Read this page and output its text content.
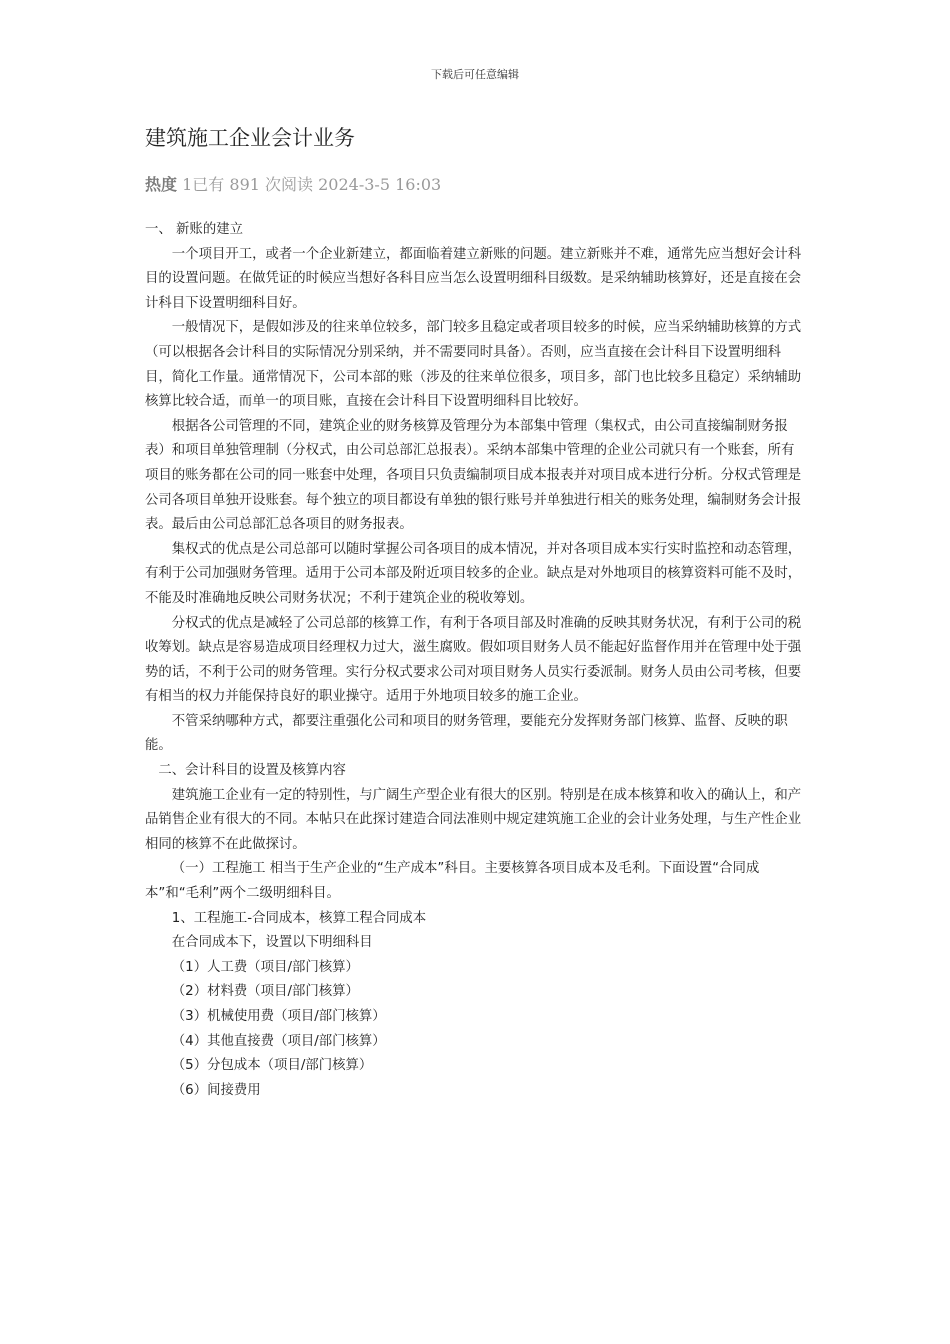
下载后可任意编辑
建筑施工企业会计业务
热度 1已有 891 次阅读 2024-3-5 16:03

一、 新账的建立

一个项目开工，或者一个企业新建立，都面临着建立新账的问题。建立新账并不难，通常先应当想好会计科目的设置问题。在做凭证的时候应当想好各科目应当怎么设置明细科目级数。是采纳辅助核算好，还是直接在会计科目下设置明细科目好。

一般情况下，是假如涉及的往来单位较多，部门较多且稳定或者项目较多的时候，应当采纳辅助核算的方式（可以根据各会计科目的实际情况分别采纳，并不需要同时具备）。否则，应当直接在会计科目下设置明细科目，简化工作量。通常情况下，公司本部的账（涉及的往来单位很多，项目多，部门也比较多且稳定）采纳辅助核算比较合适，而单一的项目账，直接在会计科目下设置明细科目比较好。

根据各公司管理的不同，建筑企业的财务核算及管理分为本部集中管理（集权式，由公司直接编制财务报表）和项目单独管理制（分权式，由公司总部汇总报表）。采纳本部集中管理的企业公司就只有一个账套，所有项目的账务都在公司的同一账套中处理，各项目只负责编制项目成本报表并对项目成本进行分析。分权式管理是公司各项目单独开设账套。每个独立的项目都设有单独的银行账号并单独进行相关的账务处理，编制财务会计报表。最后由公司总部汇总各项目的财务报表。

集权式的优点是公司总部可以随时掌握公司各项目的成本情况，并对各项目成本实行实时监控和动态管理，有利于公司加强财务管理。适用于公司本部及附近项目较多的企业。缺点是对外地项目的核算资料可能不及时，不能及时准确地反映公司财务状况；不利于建筑企业的税收筹划。

分权式的优点是减轻了公司总部的核算工作，有利于各项目部及时准确的反映其财务状况，有利于公司的税收筹划。缺点是容易造成项目经理权力过大，滋生腐败。假如项目财务人员不能起好监督作用并在管理中处于强势的话，不利于公司的财务管理。实行分权式要求公司对项目财务人员实行委派制。财务人员由公司考核，但要有相当的权力并能保持良好的职业操守。适用于外地项目较多的施工企业。

不管采纳哪种方式，都要注重强化公司和项目的财务管理，要能充分发挥财务部门核算、监督、反映的职能。

二、会计科目的设置及核算内容

建筑施工企业有一定的特别性，与广阔生产型企业有很大的区别。特别是在成本核算和收入的确认上，和产品销售企业有很大的不同。本帖只在此探讨建造合同法准则中规定建筑施工企业的会计业务处理，与生产性企业相同的核算不在此做探讨。

（一）工程施工 相当于生产企业的“生产成本”科目。主要核算各项目成本及毛利。下面设置“合同成本”和“毛利”两个二级明细科目。

1、工程施工-合同成本，核算工程合同成本

在合同成本下，设置以下明细科目

（1）人工费（项目/部门核算）

（2）材料费（项目/部门核算）

（3）机械使用费（项目/部门核算）

（4）其他直接费（项目/部门核算）

（5）分包成本（项目/部门核算）

（6）间接费用
